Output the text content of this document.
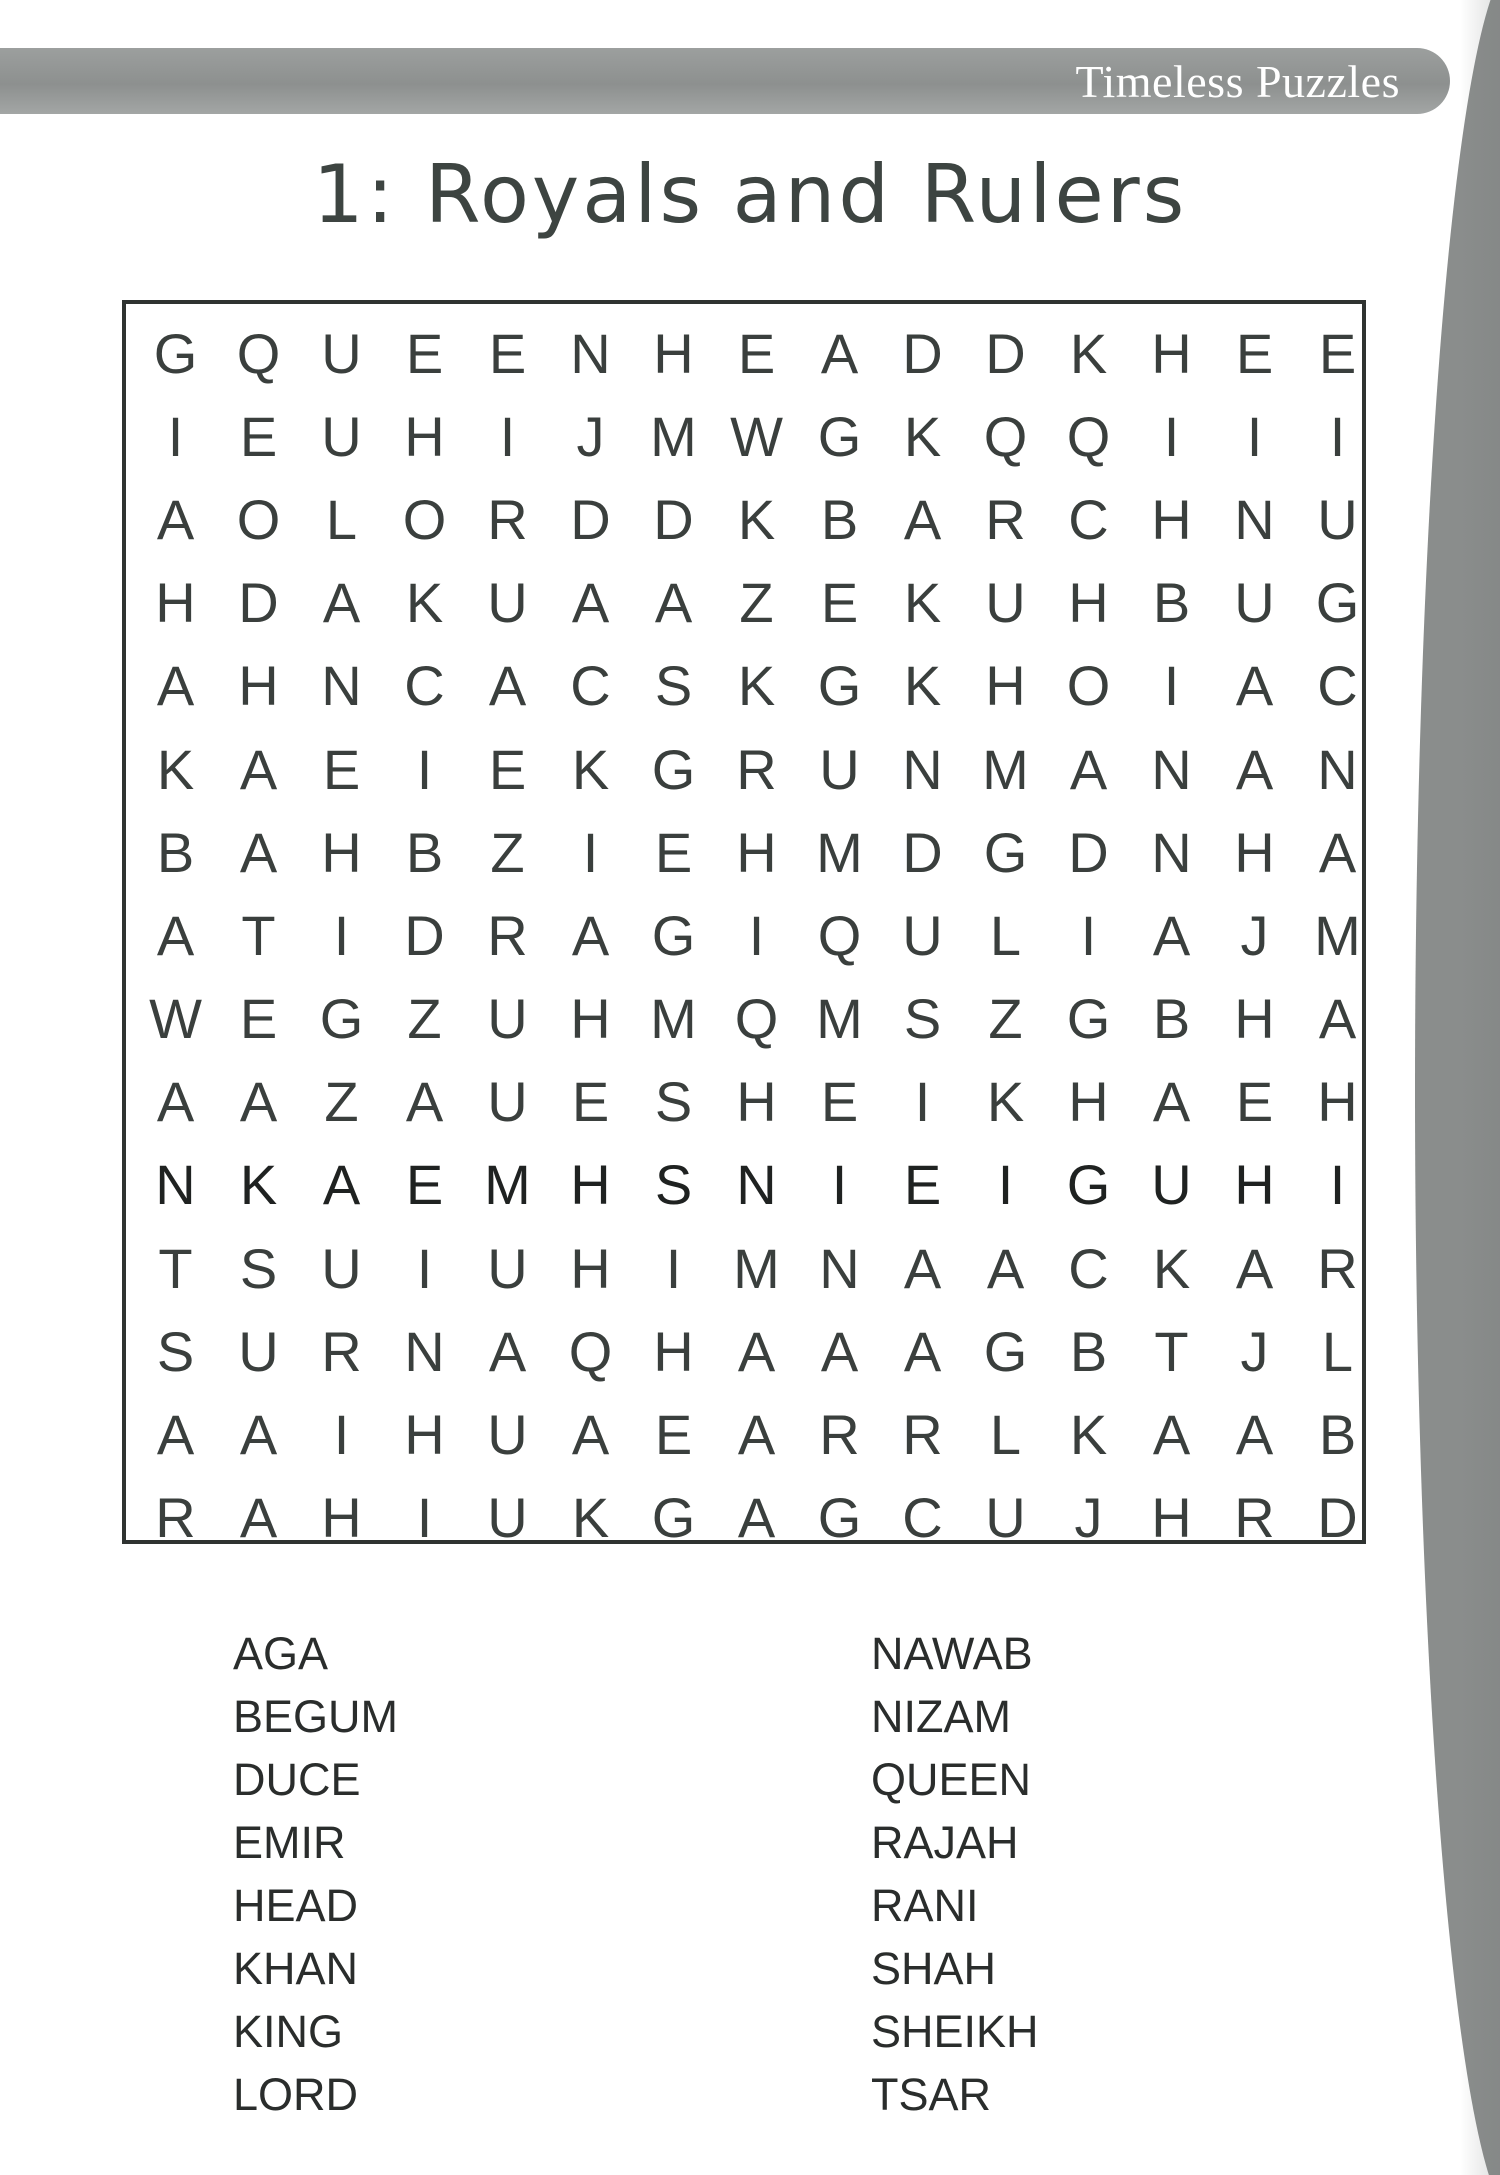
Timeless Puzzles
1: Royals and Rulers
G Q U E E N H E A D D K H E E
I	E U H I	J M W G K Q Q I	I	I
A O L O R D D K B A R C H N U
H D A K U A A Z E K U H B U G
A H N C A C S K G K H O I	A C
K A E	I	E K G R U N M A N A N
B A H B Z	I	E H M D G D N H A
A T	I D R A G I Q U L	I	A J M
W E G Z U H M Q M S Z G B H A
A A Z A U E S H E	I	K H A E H
N K A E M H S N I	E	I G U H I
T S U I U H I M N A A C K A R
S U R N A Q H A A A G B T J L
A A	I H U A E A R R L K A A B
R A H I U K G A G C U J H R D
AGA
BEGUM
DUCE
EMIR
HEAD
KHAN
KING
LORD
NAWAB
NIZAM
QUEEN
RAJAH
RANI
SHAH
SHEIKH
TSAR
